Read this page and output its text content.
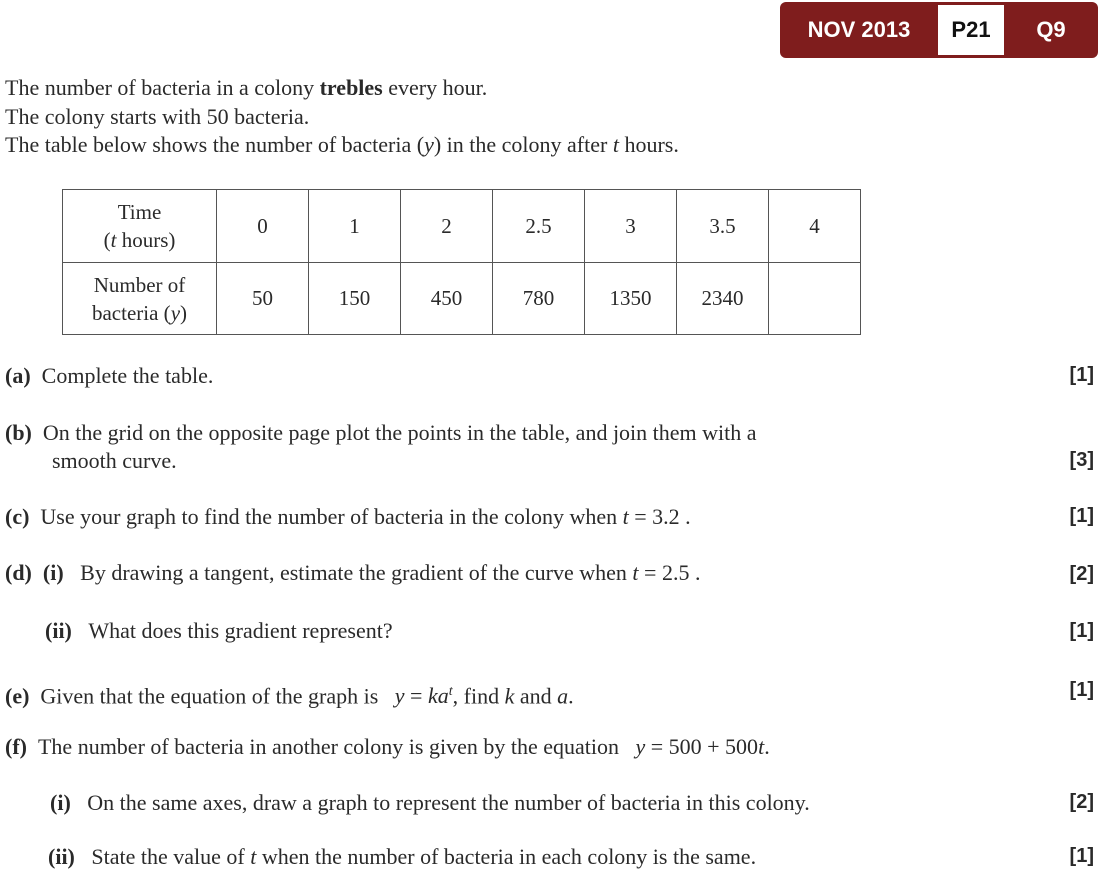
NOV 2013	P21	Q9
The number of bacteria in a colony trebles every hour.
The colony starts with 50 bacteria.
The table below shows the number of bacteria (y) in the colony after t hours.
Time
(t hours)	0	1	2	2.5	3	3.5	4

Number of
bacteria (y)	50	150	450	780	1350	2340	
(a) Complete the table.	[1]
(b) On the grid on the opposite page plot the points in the table, and join them with a
smooth curve.	[3]
(c) Use your graph to find the number of bacteria in the colony when t = 3.2 .	[1]
(d) (i) By drawing a tangent, estimate the gradient of the curve when t = 2.5 .	[2]
(ii) What does this gradient represent?	[1]
(e) Given that the equation of the graph is $y = ka^t$, find k and a.	[1]
(f) The number of bacteria in another colony is given by the equation y = 500 + 500t.
(i) On the same axes, draw a graph to represent the number of bacteria in this colony.	[2]
(ii) State the value of t when the number of bacteria in each colony is the same.	[1]
